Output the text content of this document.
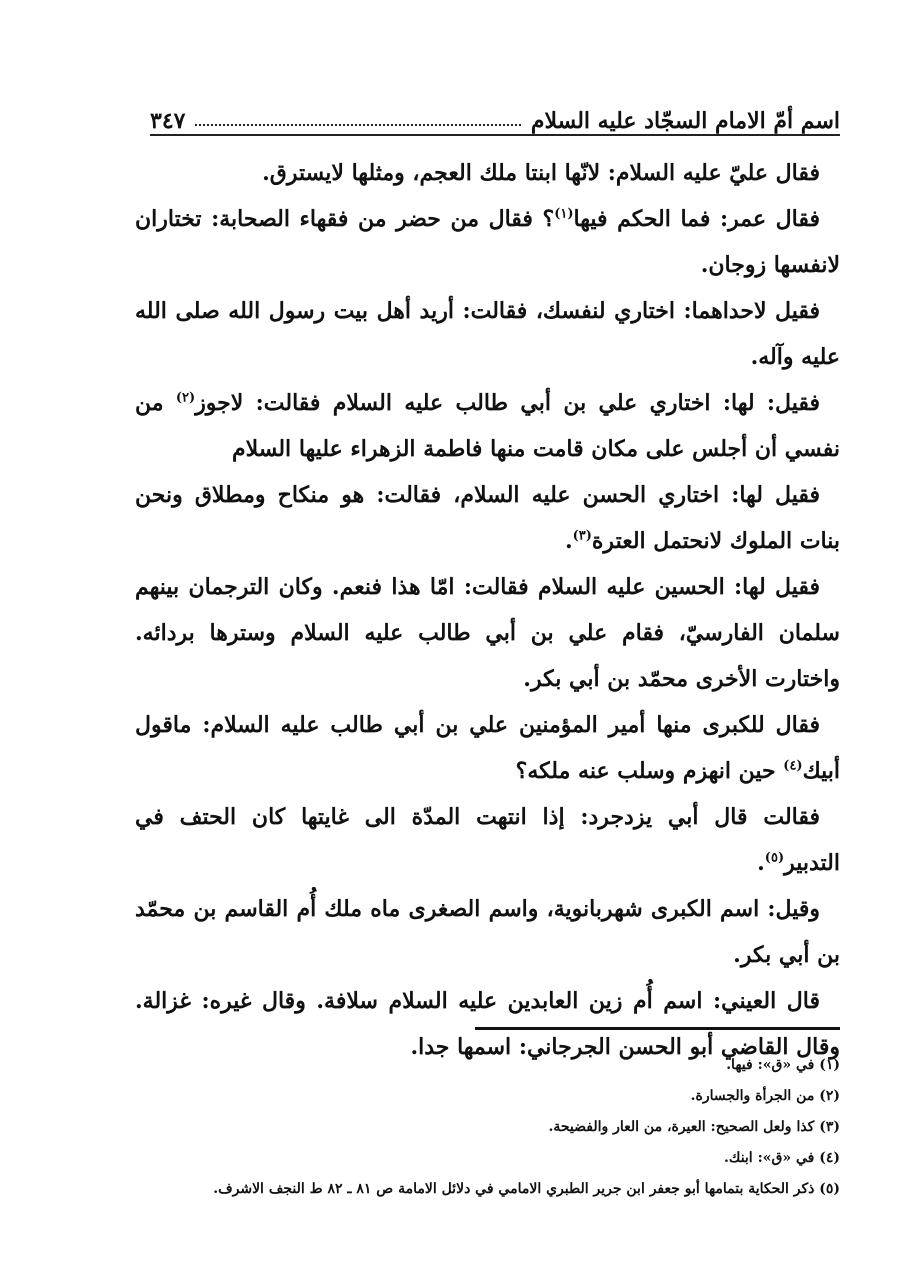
اسم أمّ الامام السجّاد عليه السلام
٣٤٧

فقال عليّ عليه السلام: لانّها ابنتا ملك العجم، ومثلها لايسترق.

فقال عمر: فما الحكم فيها$^{(١)}$؟ فقال من حضر من فقهاء الصحابة: تختاران لانفسها زوجان.

فقيل لاحداهما: اختاري لنفسك، فقالت: أريد أهل بيت رسول الله صلى الله عليه وآله.

فقيل: لها: اختاري علي بن أبي طالب عليه السلام فقالت: لاجوز$^{(٢)}$ من نفسي أن أجلس على مكان قامت منها فاطمة الزهراء عليها السلام

فقيل لها: اختاري الحسن عليه السلام، فقالت: هو منكاح ومطلاق ونحن بنات الملوك لانحتمل العترة$^{(٣)}$.

فقيل لها: الحسين عليه السلام فقالت: امّا هذا فنعم. وكان الترجمان بينهم سلمان الفارسيّ، فقام علي بن أبي طالب عليه السلام وسترها بردائه. واختارت الأخرى محمّد بن أبي بكر.

فقال للكبرى منها أمير المؤمنين علي بن أبي طالب عليه السلام: ماقول أبيك$^{(٤)}$ حين انهزم وسلب عنه ملكه؟

فقالت قال أبي يزدجرد: إذا انتهت المدّة الى غايتها كان الحتف في التدبير$^{(٥)}$.

وقيل: اسم الكبرى شهربانوية، واسم الصغرى ماه ملك أُم القاسم بن محمّد بن أبي بكر.

قال العيني: اسم أُم زين العابدين عليه السلام سلافة. وقال غيره: غزالة. وقال القاضي أبو الحسن الجرجاني: اسمها جدا.

(١) في «ق»: فيها.

(٢) من الجرأة والجسارة.

(٣) كذا ولعل الصحيح: العيرة، من العار والفضيحة.

(٤) في «ق»: ابنك.

(٥) ذكر الحكاية بتمامها أبو جعفر ابن جرير الطبري الامامي في دلائل الامامة ص ٨١ ـ ٨٢ ط النجف الاشرف.
